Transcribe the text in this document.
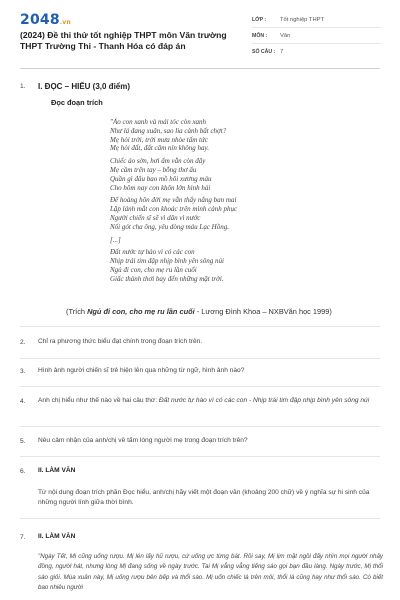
2048.vn
(2024) Đề thi thử tốt nghiệp THPT môn Văn trường THPT Trường Thi - Thanh Hóa có đáp án
LỚP :	Tốt nghiệp THPT
MÔN :	Văn
SỐ CÂU : 7
1. I. ĐỌC – HIỂU (3,0 điểm)
Đọc đoạn trích
"Ảo con xanh và mái tóc còn xanh
Như lá đang xuân, sao lìa cành bất chợt?
Mẹ hỏi trời, trời mưa nhòe tấm tức
Mẹ hỏi đất, đất câm nín không hay.
Chiếc áo sờn, hơi ấm vẫn còn đây
Mẹ cầm trên tay – bỗng thơ ấu
Quần gì đâu bao mồ hôi xương máu
Cho hôm nay con khôn lớn hình hài
Để hoàng hôn đời mẹ vẫn thấy nắng ban mai
Lặp lánh mắt con khoác trên mình cảnh phục
Người chiến sĩ sẽ vì dân vì nước
Nối gót cha ông, yêu dòng máu Lạc Hồng.
[...]
Đất nước tự hào vì có các con
Nhịp trái tim đập nhịp bình yên sông núi
Ngủ đi con, cho mẹ ru lần cuối
Giấc thành thơi bay đến những mặt trời.
(Trích Ngủ đi con, cho mẹ ru lần cuối - Lương Đình Khoa – NXBVăn học 1999)
2. Chỉ ra phương thức biểu đạt chính trong đoạn trích trên.
3. Hình ảnh người chiến sĩ trẻ hiện lên qua những từ ngữ, hình ảnh nào?
4. Anh chị hiểu như thế nào về hai câu thơ: Đất nước tự hào vì có các con - Nhịp trái tim đập nhịp bình yên sông núi
5. Nêu cảm nhận của anh/chị về tấm lòng người mẹ trong đoạn trích trên?
6. II. LÀM VĂN
Từ nội dung đoạn trích phần Đọc hiểu, anh/chị hãy viết một đoạn văn (khoảng 200 chữ) về ý nghĩa sự hi sinh của những người lính giữa thời bình.
7. II. LÀM VĂN
"Ngày Tết, Mị cũng uống rượu. Mị lén lấy hũ rượu, cứ uống ực từng bát. Rồi say, Mị lịm mặt ngồi đấy nhìn mọi người nhảy đồng, người hát, nhưng lòng Mị đang sống về ngày trước. Tai Mị vẳng vẳng tiếng sáo gọi bạn đầu làng. Ngày trước, Mị thổi sáo giỏi. Mùa xuân này, Mị uống rượu bên bếp và thổi sáo. Mị uốn chiếc lá trên môi, thổi lá cũng hay như thổi sáo. Có biết bao nhiêu người
